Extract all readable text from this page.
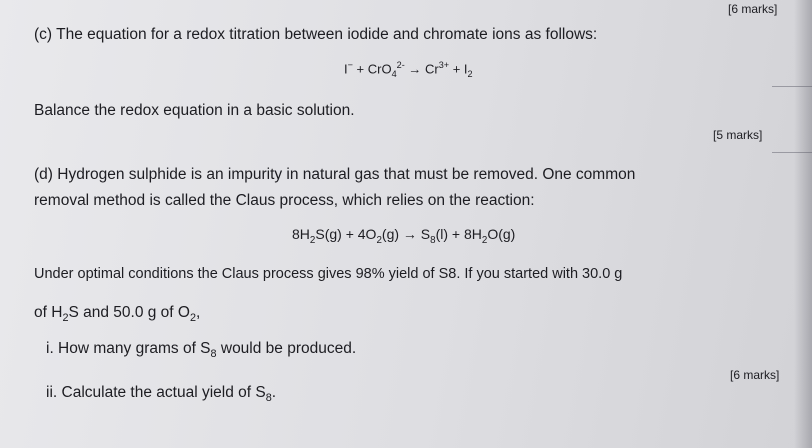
[6 marks]
(c) The equation for a redox titration between iodide and chromate ions as follows:
$I^- + CrO_4^{2-} \to Cr^{3+} + I_2$
Balance the redox equation in a basic solution.
[5 marks]
(d) Hydrogen sulphide is an impurity in natural gas that must be removed. One common
removal method is called the Claus process, which relies on the reaction:
$8H_2S(g) + 4O_2(g) \to S_8(l) + 8H_2O(g)$
Under optimal conditions the Claus process gives 98% yield of S8. If you started with 30.0 g
of $H_2S$ and 50.0 g of $O_2$,
i. How many grams of $S_8$ would be produced.
[6 marks]
ii. Calculate the actual yield of $S_8$.
